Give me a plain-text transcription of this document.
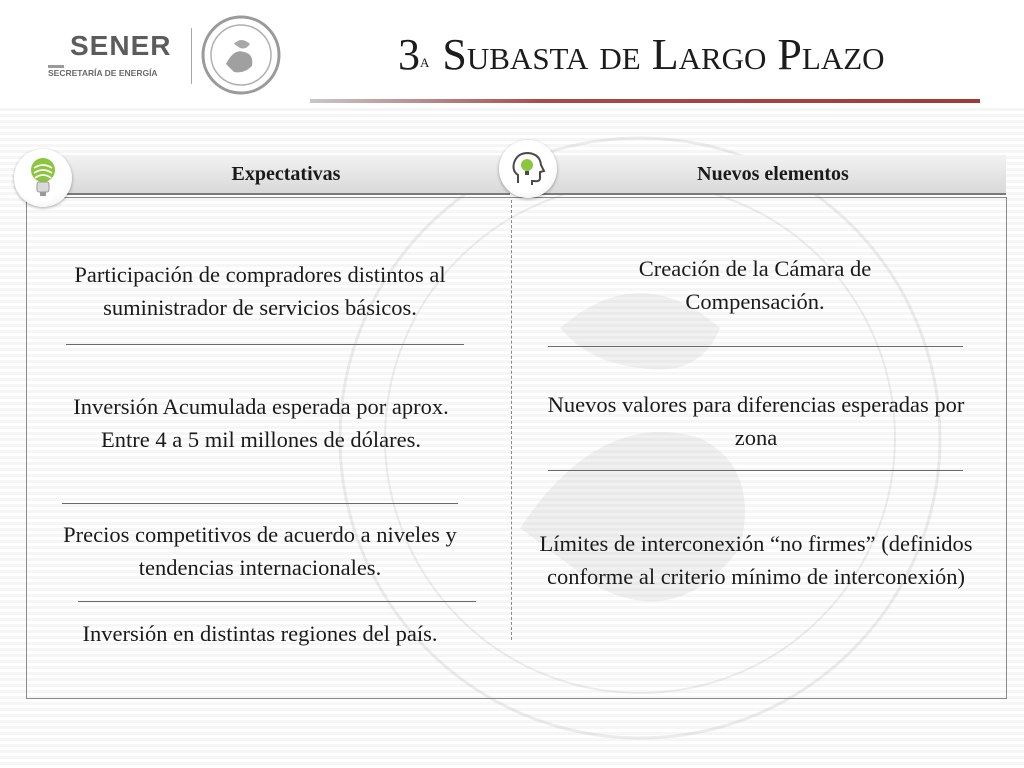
SENER
SECRETARÍA DE ENERGÍA	3$^a$ Subasta de Largo Plazo
Expectativas	Nuevos elementos

Participación de compradores distintos al suministrador de servicios básicos.

Inversión Acumulada esperada por aprox. Entre 4 a 5 mil millones de dólares.

Precios competitivos de acuerdo a niveles y tendencias internacionales.

Inversión en distintas regiones del país.

Creación de la Cámara de Compensación.

Nuevos valores para diferencias esperadas por zona

Límites de interconexión “no firmes” (definidos conforme al criterio mínimo de interconexión)
